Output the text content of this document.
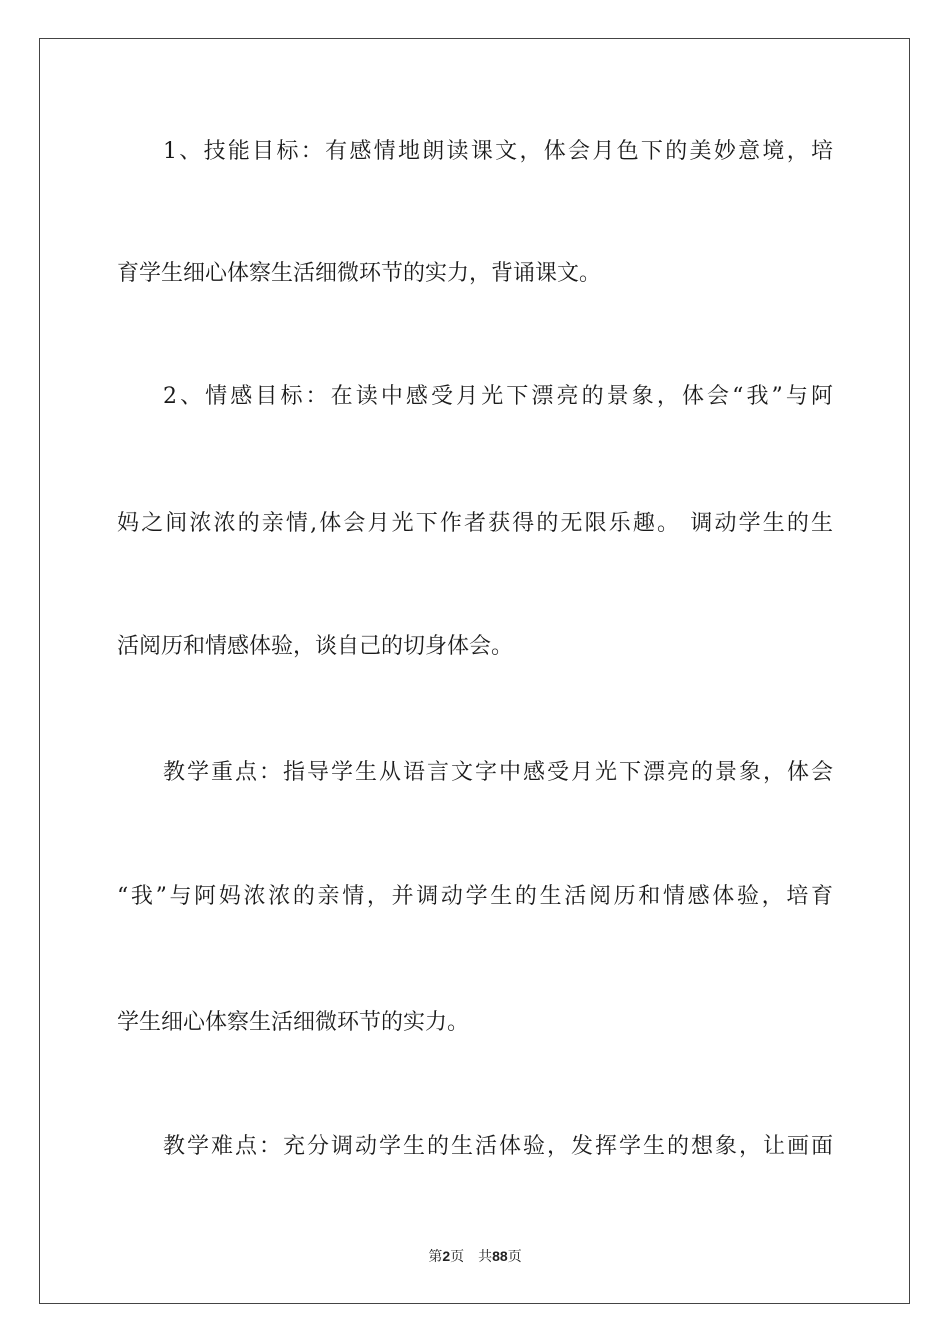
1、技能目标：有感情地朗读课文，体会月色下的美妙意境，培
育学生细心体察生活细微环节的实力，背诵课文。
2、情感目标：在读中感受月光下漂亮的景象，体会“我”与阿
妈之间浓浓的亲情,体会月光下作者获得的无限乐趣。 调动学生的生
活阅历和情感体验，谈自己的切身体会。
教学重点：指导学生从语言文字中感受月光下漂亮的景象，体会
“我”与阿妈浓浓的亲情，并调动学生的生活阅历和情感体验，培育
学生细心体察生活细微环节的实力。
教学难点：充分调动学生的生活体验，发挥学生的想象，让画面
第2页 共88页
